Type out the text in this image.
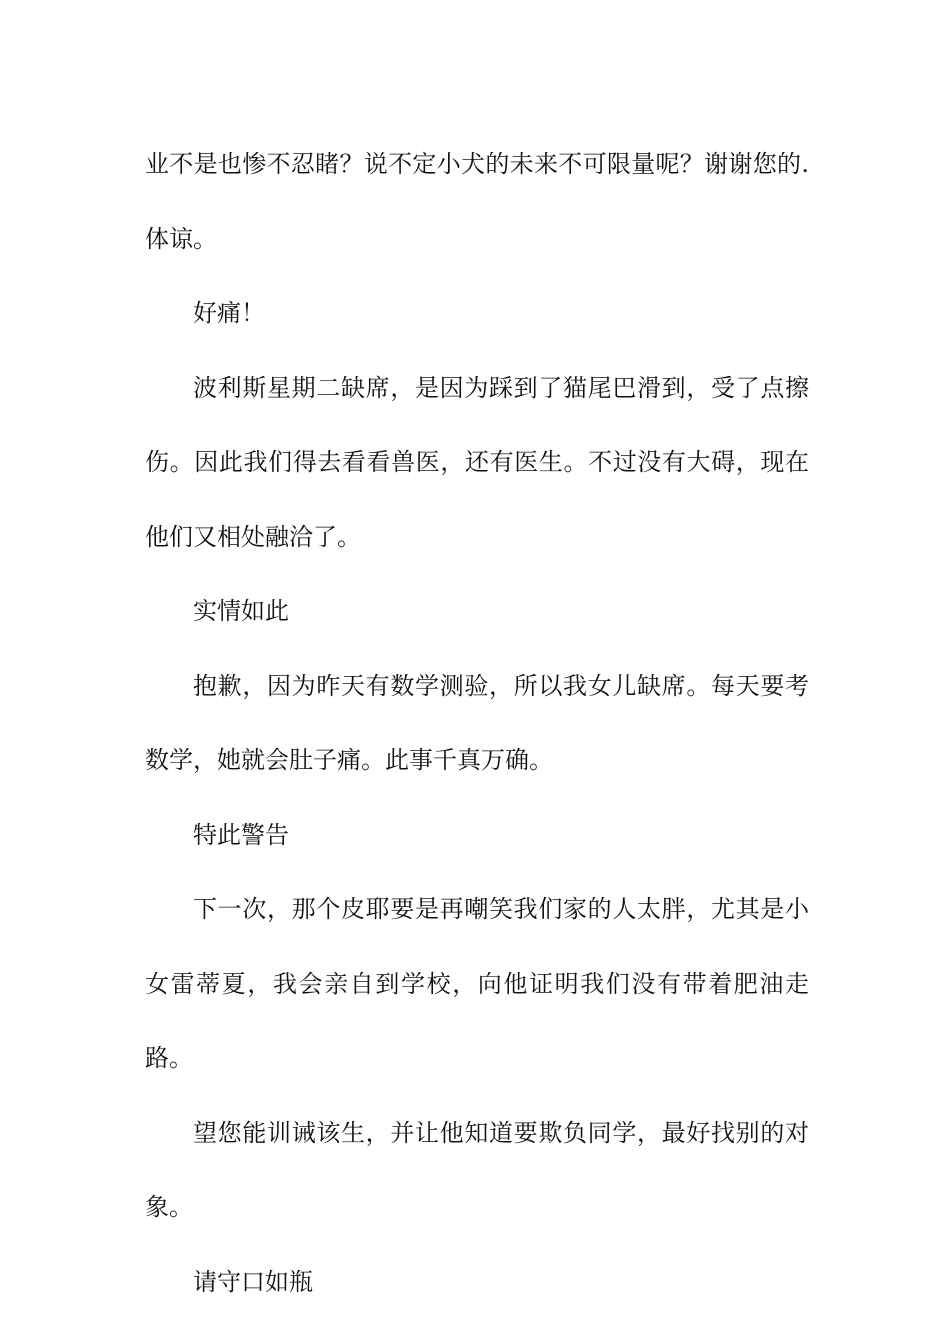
业不是也惨不忍睹？说不定小犬的未来不可限量呢？谢谢您的.体谅。

好痛！

波利斯星期二缺席，是因为踩到了猫尾巴滑到，受了点擦伤。因此我们得去看看兽医，还有医生。不过没有大碍，现在他们又相处融洽了。

实情如此

抱歉，因为昨天有数学测验，所以我女儿缺席。每天要考数学，她就会肚子痛。此事千真万确。

特此警告

下一次，那个皮耶要是再嘲笑我们家的人太胖，尤其是小女雷蒂夏，我会亲自到学校，向他证明我们没有带着肥油走路。

望您能训诫该生，并让他知道要欺负同学，最好找别的对象。

请守口如瓶
